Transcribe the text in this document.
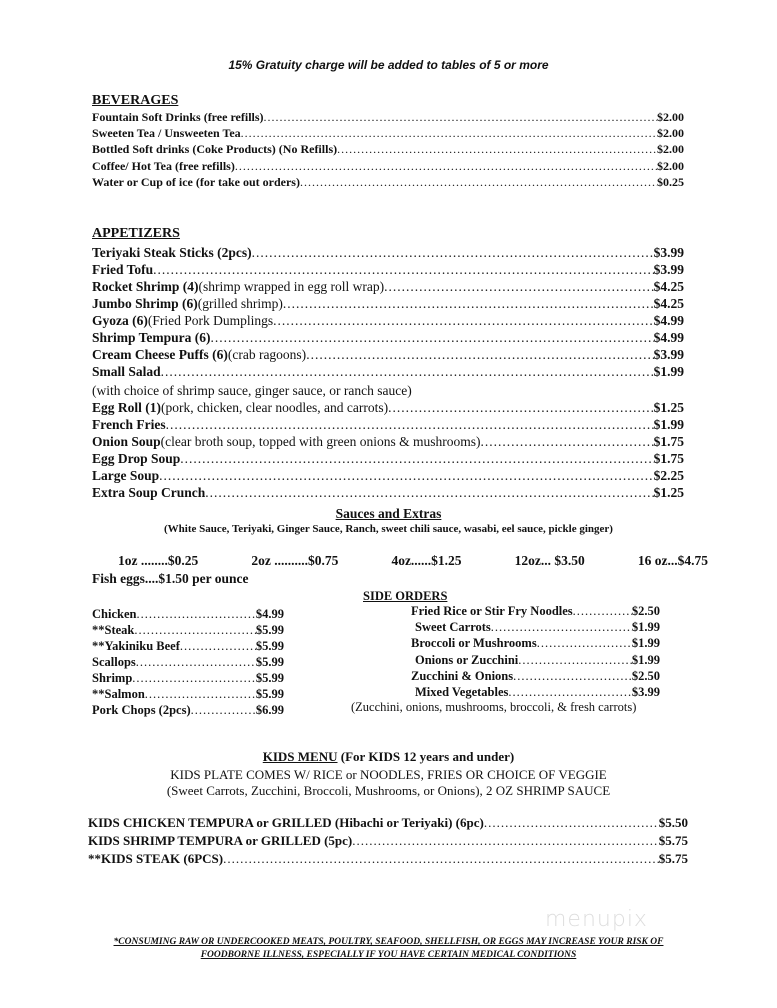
15% Gratuity charge will be added to tables of 5 or more
BEVERAGES
Fountain Soft Drinks (free refills) .....	$2.00
Sweeten Tea / Unsweeten Tea .....	$2.00
Bottled Soft drinks (Coke Products) (No Refills) .....	$2.00
Coffee/ Hot Tea (free refills) .....	$2.00
Water or Cup of ice (for take out orders) .....	$0.25
APPETIZERS
Teriyaki Steak Sticks (2pcs) .....	$3.99
Fried Tofu .....	$3.99
Rocket Shrimp (4) (shrimp wrapped in egg roll wrap) .....	$4.25
Jumbo Shrimp (6) (grilled shrimp) .....	$4.25
Gyoza (6) (Fried Pork Dumplings .....	$4.99
Shrimp Tempura (6) .....	$4.99
Cream Cheese Puffs (6) (crab ragoons) .....	$3.99
Small Salad .....	$1.99
Egg Roll (1) (pork, chicken, clear noodles, and carrots) .....	$1.25
French Fries .....	$1.99
Onion Soup (clear broth soup, topped with green onions & mushrooms) .....	$1.75
Egg Drop Soup .....	$1.75
Large Soup .....	$2.25
Extra Soup Crunch .....	$1.25
(with choice of shrimp sauce, ginger sauce, or ranch sauce)
Sauces and Extras
(White Sauce, Teriyaki, Ginger Sauce, Ranch, sweet chili sauce, wasabi, eel sauce, pickle ginger)
1oz ........$0.25	2oz ..........$0.75	4oz......$1.25	12oz... $3.50	16 oz...$4.75
Fish eggs....$1.50 per ounce
SIDE ORDERS
Chicken .....	$4.99
**Steak .....	$5.99
**Yakiniku Beef .....	$5.99
Scallops .....	$5.99
Shrimp .....	$5.99
**Salmon .....	$5.99
Pork Chops (2pcs) .....	$6.99
Fried Rice or Stir Fry Noodles .....	$2.50
Sweet Carrots .....	$1.99
Broccoli or Mushrooms .....	$1.99
Onions or Zucchini .....	$1.99
Zucchini & Onions .....	$2.50
Mixed Vegetables .....	$3.99
(Zucchini, onions, mushrooms, broccoli, & fresh carrots)
KIDS MENU (For KIDS 12 years and under)
KIDS PLATE COMES W/ RICE or NOODLES, FRIES OR CHOICE OF VEGGIE
(Sweet Carrots, Zucchini, Broccoli, Mushrooms, or Onions), 2 OZ SHRIMP SAUCE
KIDS CHICKEN TEMPURA or GRILLED (Hibachi or Teriyaki) (6pc) .....	$5.50
KIDS SHRIMP TEMPURA or GRILLED (5pc) .....	$5.75
**KIDS STEAK (6PCS) .....	$5.75
menupix
*CONSUMING RAW OR UNDERCOOKED MEATS, POULTRY, SEAFOOD, SHELLFISH, OR EGGS MAY INCREASE YOUR RISK OF
FOODBORNE ILLNESS, ESPECIALLY IF YOU HAVE CERTAIN MEDICAL CONDITIONS
